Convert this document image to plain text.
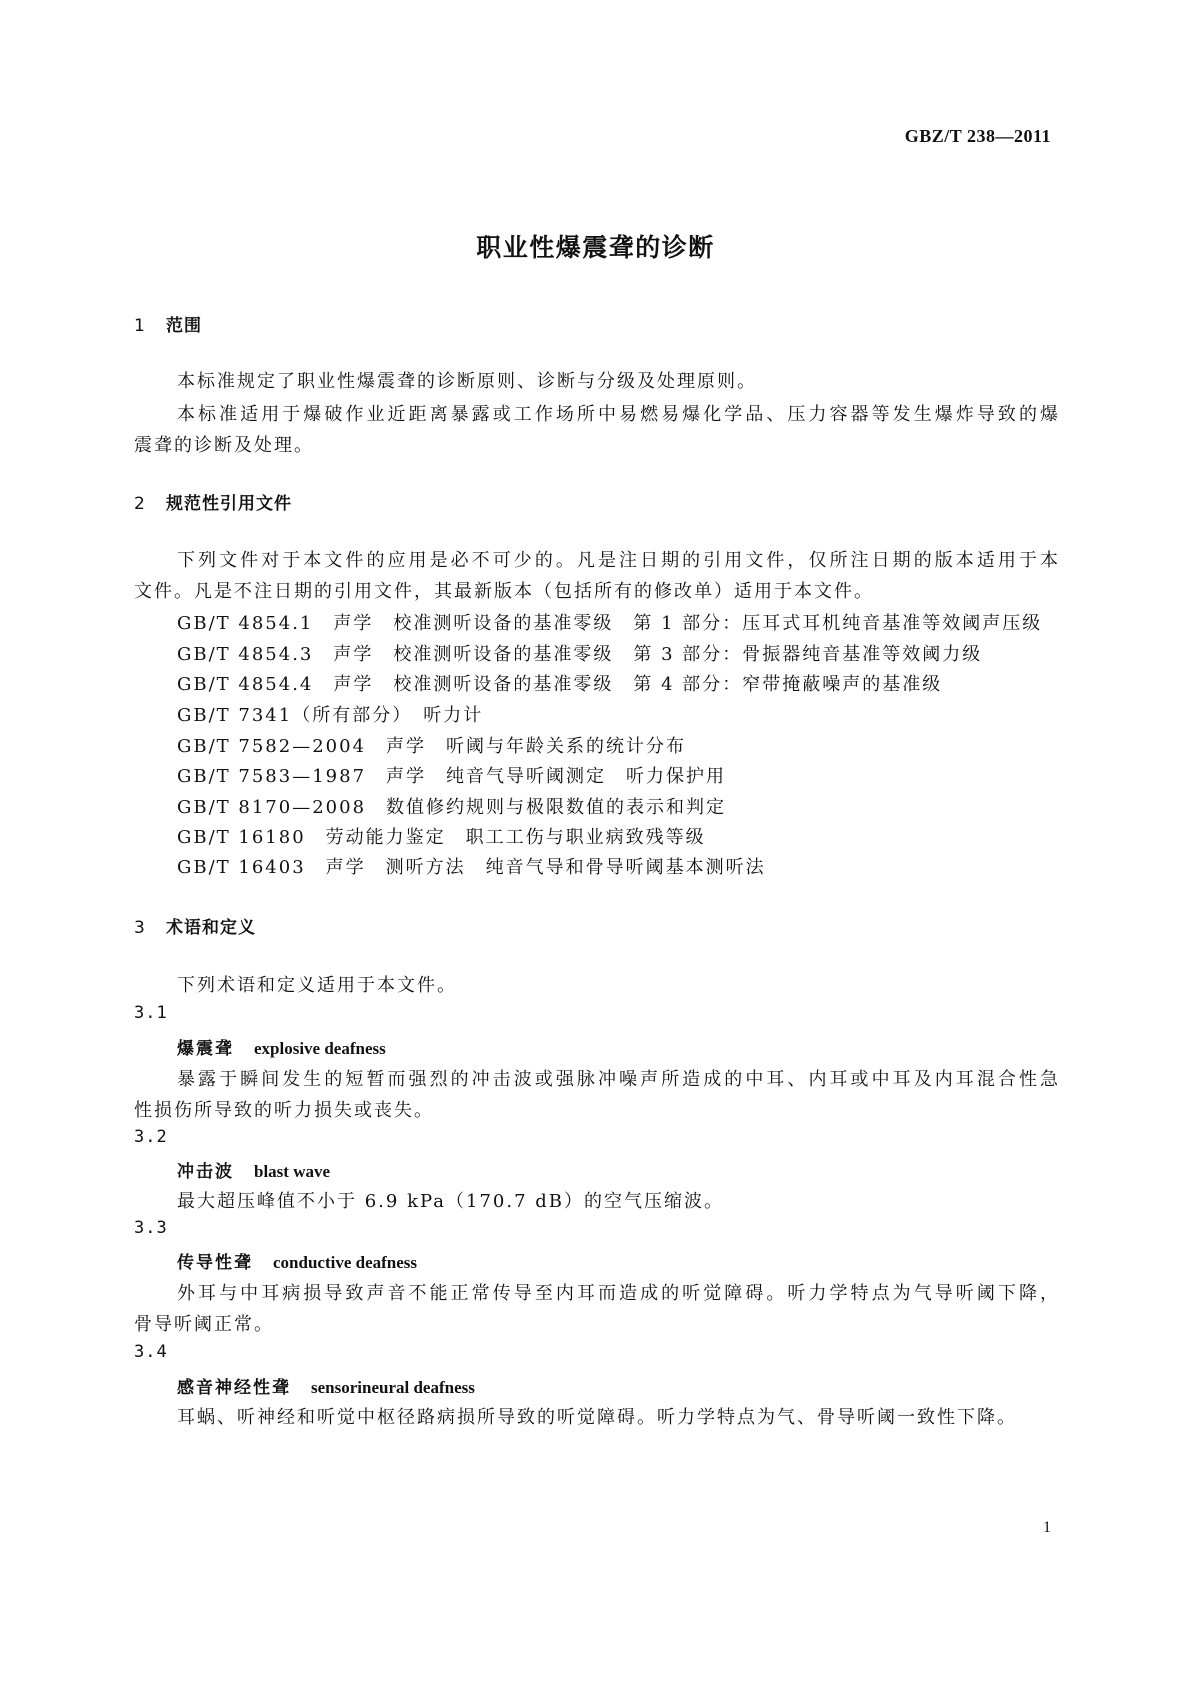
GBZ/T 238—2011
职业性爆震聋的诊断
1 范围
本标准规定了职业性爆震聋的诊断原则、诊断与分级及处理原则。
本标准适用于爆破作业近距离暴露或工作场所中易燃易爆化学品、压力容器等发生爆炸导致的爆
震聋的诊断及处理。
2 规范性引用文件
下列文件对于本文件的应用是必不可少的。凡是注日期的引用文件，仅所注日期的版本适用于本
文件。凡是不注日期的引用文件，其最新版本（包括所有的修改单）适用于本文件。
GB/T 4854.1　声学　校准测听设备的基准零级　第 1 部分：压耳式耳机纯音基准等效阈声压级
GB/T 4854.3　声学　校准测听设备的基准零级　第 3 部分：骨振器纯音基准等效阈力级
GB/T 4854.4　声学　校准测听设备的基准零级　第 4 部分：窄带掩蔽噪声的基准级
GB/T 7341（所有部分）　听力计
GB/T 7582—2004　声学　听阈与年龄关系的统计分布
GB/T 7583—1987　声学　纯音气导听阈测定　听力保护用
GB/T 8170—2008　数值修约规则与极限数值的表示和判定
GB/T 16180　劳动能力鉴定　职工工伤与职业病致残等级
GB/T 16403　声学　测听方法　纯音气导和骨导听阈基本测听法
3 术语和定义
下列术语和定义适用于本文件。
3.1
爆震聋 explosive deafness
暴露于瞬间发生的短暂而强烈的冲击波或强脉冲噪声所造成的中耳、内耳或中耳及内耳混合性急
性损伤所导致的听力损失或丧失。
3.2
冲击波 blast wave
最大超压峰值不小于 6.9 kPa（170.7 dB）的空气压缩波。
3.3
传导性聋 conductive deafness
外耳与中耳病损导致声音不能正常传导至内耳而造成的听觉障碍。听力学特点为气导听阈下降，
骨导听阈正常。
3.4
感音神经性聋 sensorineural deafness
耳蜗、听神经和听觉中枢径路病损所导致的听觉障碍。听力学特点为气、骨导听阈一致性下降。
1
